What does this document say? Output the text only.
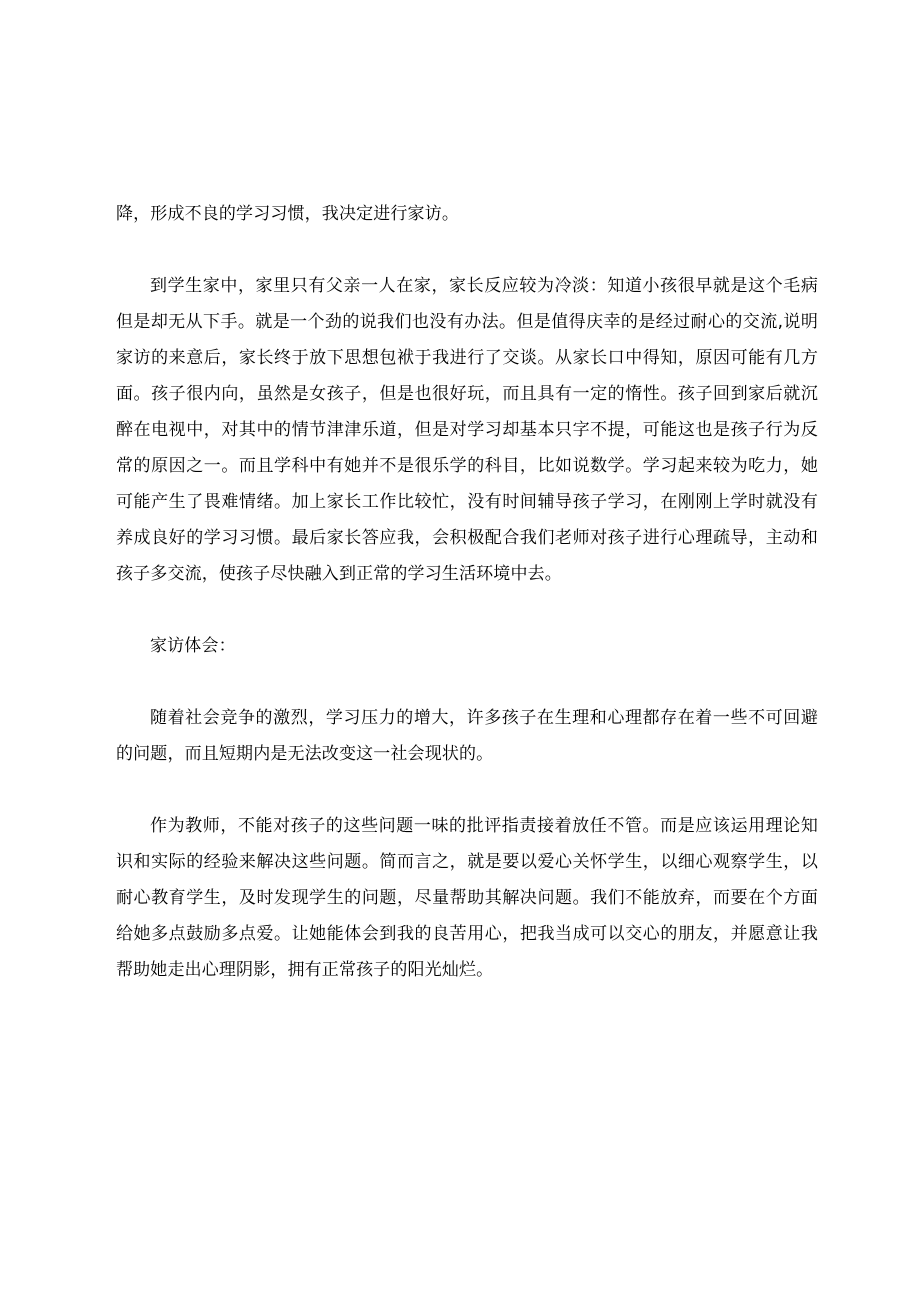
降，形成不良的学习习惯，我决定进行家访。

到学生家中，家里只有父亲一人在家，家长反应较为冷淡：知道小孩很早就是这个毛病但是却无从下手。就是一个劲的说我们也没有办法。但是值得庆幸的是经过耐心的交流,说明家访的来意后，家长终于放下思想包袱于我进行了交谈。从家长口中得知，原因可能有几方面。孩子很内向，虽然是女孩子，但是也很好玩，而且具有一定的惰性。孩子回到家后就沉醉在电视中，对其中的情节津津乐道，但是对学习却基本只字不提，可能这也是孩子行为反常的原因之一。而且学科中有她并不是很乐学的科目，比如说数学。学习起来较为吃力，她可能产生了畏难情绪。加上家长工作比较忙，没有时间辅导孩子学习，在刚刚上学时就没有养成良好的学习习惯。最后家长答应我，会积极配合我们老师对孩子进行心理疏导，主动和孩子多交流，使孩子尽快融入到正常的学习生活环境中去。

家访体会：

随着社会竞争的激烈，学习压力的增大，许多孩子在生理和心理都存在着一些不可回避的问题，而且短期内是无法改变这一社会现状的。

作为教师，不能对孩子的这些问题一味的批评指责接着放任不管。而是应该运用理论知识和实际的经验来解决这些问题。简而言之，就是要以爱心关怀学生，以细心观察学生，以耐心教育学生，及时发现学生的问题，尽量帮助其解决问题。我们不能放弃，而要在个方面给她多点鼓励多点爱。让她能体会到我的良苦用心，把我当成可以交心的朋友，并愿意让我帮助她走出心理阴影，拥有正常孩子的阳光灿烂。
